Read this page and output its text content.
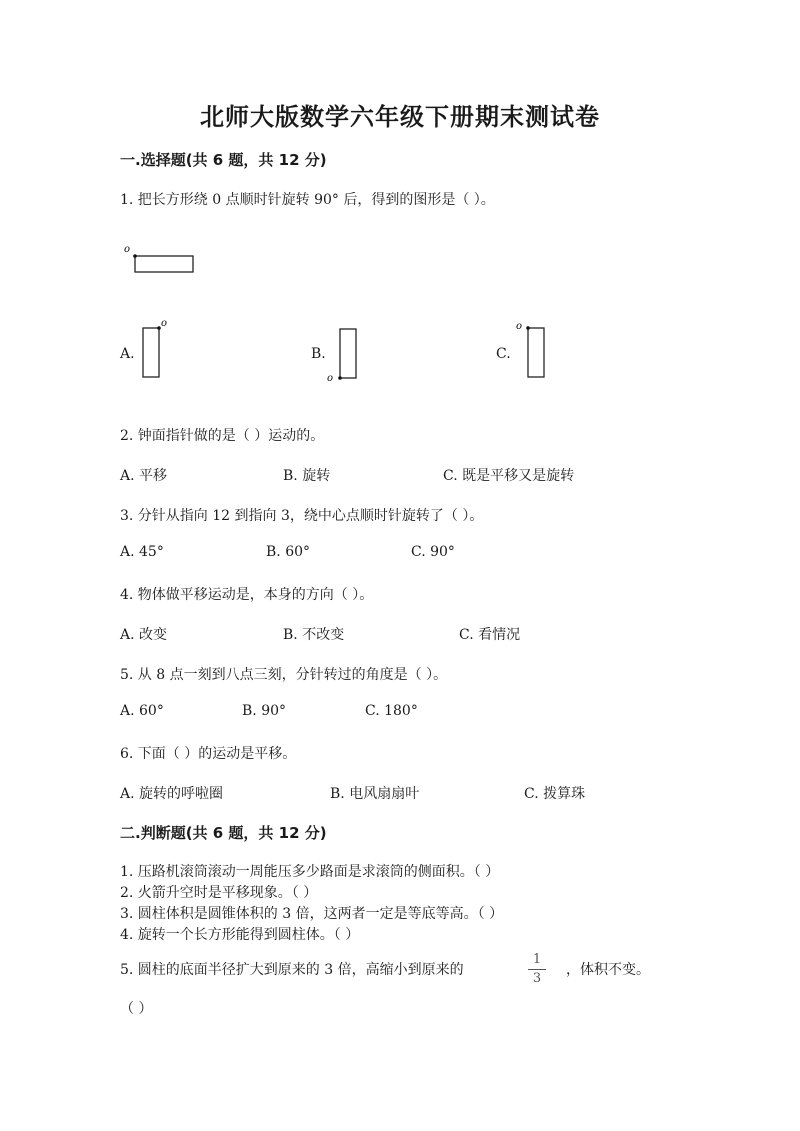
北师大版数学六年级下册期末测试卷
一.选择题(共 6 题，共 12 分)
1. 把长方形绕 0 点顺时针旋转 90° 后，得到的图形是（ ）。
o
A.
o
B.
o
C.
o
2. 钟面指针做的是（ ）运动的。
A. 平移	B. 旋转	C. 既是平移又是旋转
3. 分针从指向 12 到指向 3，绕中心点顺时针旋转了（ ）。
A. 45°	B. 60°	C. 90°
4. 物体做平移运动是，本身的方向（ ）。
A. 改变	B. 不改变	C. 看情况
5. 从 8 点一刻到八点三刻，分针转过的角度是（ ）。
A. 60°	B. 90°	C. 180°
6. 下面（ ）的运动是平移。
A. 旋转的呼啦圈	B. 电风扇扇叶	C. 拨算珠
二.判断题(共 6 题，共 12 分)
1. 压路机滚筒滚动一周能压多少路面是求滚筒的侧面积。（ ）
2. 火箭升空时是平移现象。（ ）
3. 圆柱体积是圆锥体积的 3 倍，这两者一定是等底等高。（ ）
4. 旋转一个长方形能得到圆柱体。（ ）
5. 圆柱的底面半径扩大到原来的 3 倍，高缩小到原来的
1
3
，体积不变。
（ ）
